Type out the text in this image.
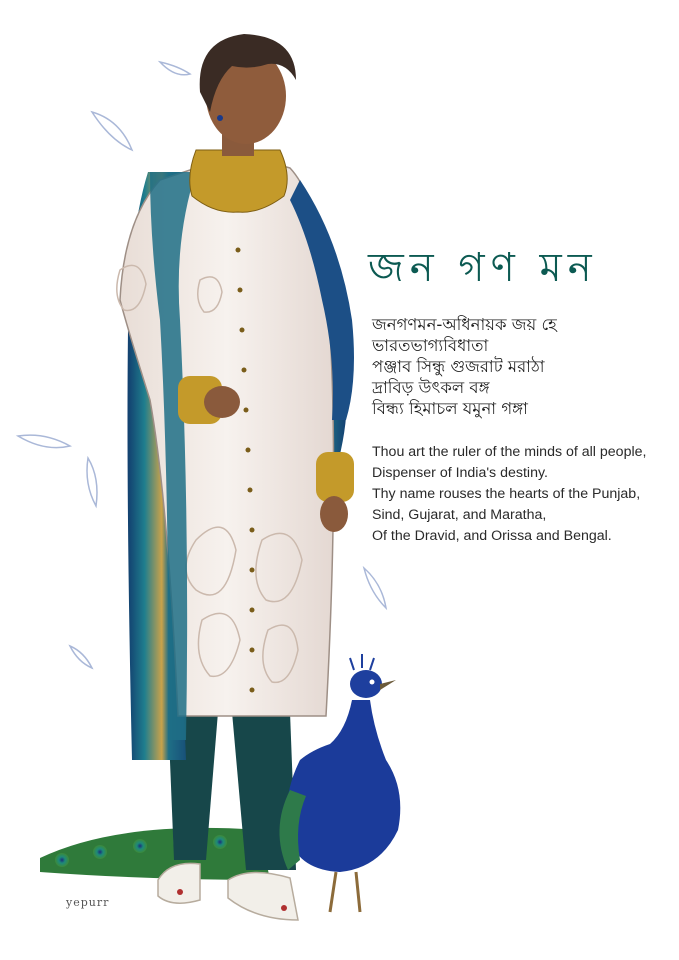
জন গণ মন
জনগণমন-অধিনায়ক জয় হে
ভারতভাগ্যবিধাতা
পঞ্জাব সিন্ধু গুজরাট মরাঠা
দ্রাবিড় উৎকল বঙ্গ
বিন্ধ্য হিমাচল যমুনা গঙ্গা
Thou art the ruler of the minds of all people,
Dispenser of India's destiny.
Thy name rouses the hearts of the Punjab,
Sind, Gujarat, and Maratha,
Of the Dravid, and Orissa and Bengal.
yepurr
